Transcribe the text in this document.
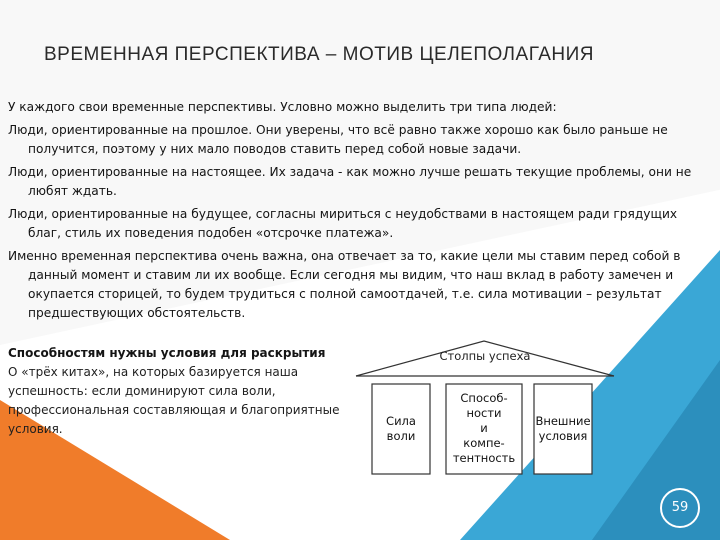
ВРЕМЕННАЯ ПЕРСПЕКТИВА – МОТИВ ЦЕЛЕПОЛАГАНИЯ

У каждого свои временные перспективы. Условно можно выделить три типа людей:

Люди, ориентированные на прошлое. Они уверены, что всё равно также хорошо как было раньше не получится, поэтому у них мало поводов ставить перед собой новые задачи.

Люди, ориентированные на настоящее. Их задача - как можно лучше решать текущие проблемы, они не любят ждать.

Люди, ориентированные на будущее, согласны мириться с неудобствами в настоящем ради грядущих благ, стиль их поведения подобен «отсрочке платежа».

Именно временная перспектива очень важна, она отвечает за то, какие цели мы ставим перед собой в данный момент и ставим ли их вообще. Если сегодня мы видим, что наш вклад в работу замечен и окупается сторицей, то будем трудиться с полной самоотдачей, т.е. сила мотивации – результат предшествующих обстоятельств.

Способностям нужны условия для раскрытия

О «трёх китах», на которых базируется наша успешность: если доминируют сила воли, профессиональная составляющая и благоприятные условия.

Столпы успеха
Сила
воли
Способ-
ности
и
компе-
тентность
Внешние
условия
59
